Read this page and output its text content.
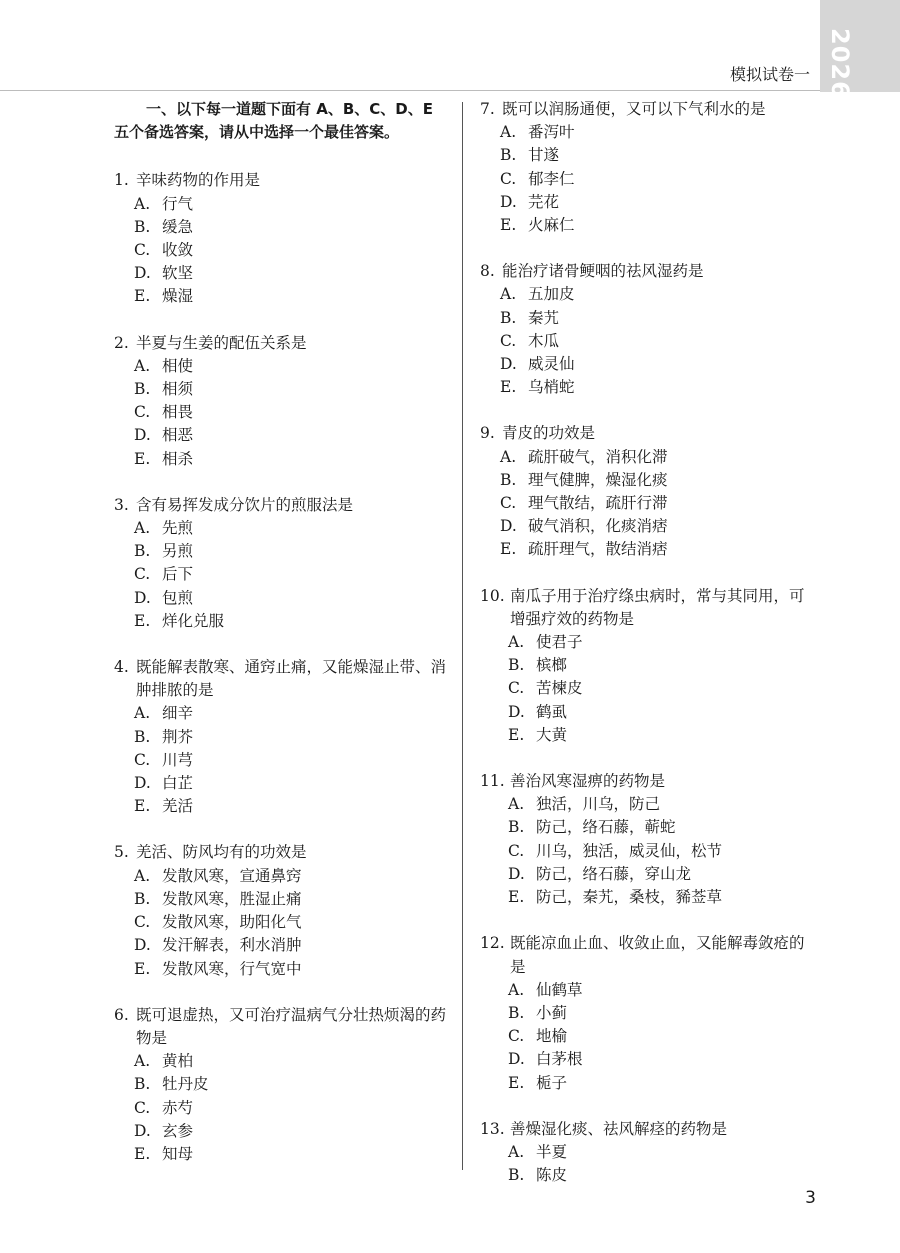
2026
模拟试卷一
一、以下每一道题下面有 A、B、C、D、E 五个备选答案，请从中选择一个最佳答案。
1. 辛味药物的作用是
A. 行气
B. 缓急
C. 收敛
D. 软坚
E. 燥湿
2. 半夏与生姜的配伍关系是
A. 相使
B. 相须
C. 相畏
D. 相恶
E. 相杀
3. 含有易挥发成分饮片的煎服法是
A. 先煎
B. 另煎
C. 后下
D. 包煎
E. 烊化兑服
4. 既能解表散寒、通窍止痛，又能燥湿止带、消肿排脓的是
A. 细辛
B. 荆芥
C. 川芎
D. 白芷
E. 羌活
5. 羌活、防风均有的功效是
A. 发散风寒，宣通鼻窍
B. 发散风寒，胜湿止痛
C. 发散风寒，助阳化气
D. 发汗解表，利水消肿
E. 发散风寒，行气宽中
6. 既可退虚热，又可治疗温病气分壮热烦渴的药物是
A. 黄柏
B. 牡丹皮
C. 赤芍
D. 玄参
E. 知母
7. 既可以润肠通便，又可以下气利水的是
A. 番泻叶
B. 甘遂
C. 郁李仁
D. 芫花
E. 火麻仁
8. 能治疗诸骨鲠咽的祛风湿药是
A. 五加皮
B. 秦艽
C. 木瓜
D. 威灵仙
E. 乌梢蛇
9. 青皮的功效是
A. 疏肝破气，消积化滞
B. 理气健脾，燥湿化痰
C. 理气散结，疏肝行滞
D. 破气消积，化痰消痞
E. 疏肝理气，散结消痞
10. 南瓜子用于治疗绦虫病时，常与其同用，可增强疗效的药物是
A. 使君子
B. 槟榔
C. 苦楝皮
D. 鹤虱
E. 大黄
11. 善治风寒湿痹的药物是
A. 独活，川乌，防己
B. 防己，络石藤，蕲蛇
C. 川乌，独活，威灵仙，松节
D. 防己，络石藤，穿山龙
E. 防己，秦艽，桑枝，豨莶草
12. 既能凉血止血、收敛止血，又能解毒敛疮的是
A. 仙鹤草
B. 小蓟
C. 地榆
D. 白茅根
E. 栀子
13. 善燥湿化痰、祛风解痉的药物是
A. 半夏
B. 陈皮
3
